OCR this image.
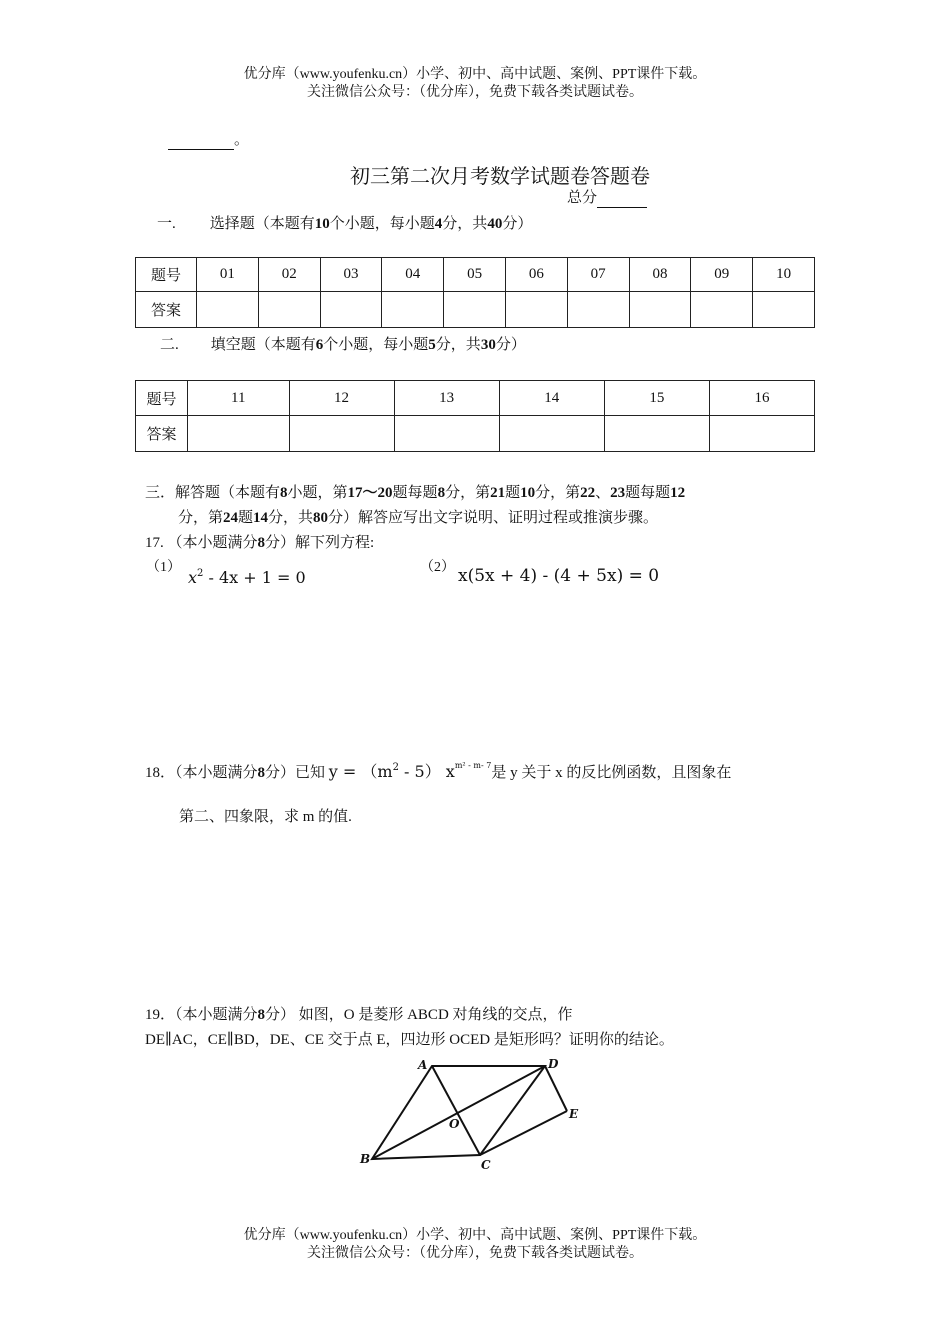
优分库（www.youfenku.cn）小学、初中、高中试题、案例、PPT课件下载。
关注微信公众号：（优分库），免费下载各类试题试卷。
。
初三第二次月考数学试题卷答题卷
总分
一. 选择题（本题有10个小题，每小题4分，共40分）
题号	01	02	03	04	05	06	07	08	09	10
答案										
二. 填空题（本题有6个小题，每小题5分，共30分）
题号	11	12	13	14	15	16
答案						
三．解答题（本题有8小题，第17～20题每题8分，第21题10分，第22、23题每题12
分，第24题14分，共80分）解答应写出文字说明、证明过程或推演步骤。
17. （本小题满分8分）解下列方程:
（1）
$x^2 - 4x + 1 = 0$
（2） x(5x + 4) - (4 + 5x) = 0
18．（本小题满分8分）已知 $y = (m^2 - 5)$ $x^{m^2 - m- 7}$是 y 关于 x 的反比例函数，且图象在
第二、四象限，求 m 的值.
19．（本小题满分8分） 如图，O 是菱形 ABCD 对角线的交点，作
DE∥AC，CE∥BD，DE、CE 交于点 E，四边形 OCED 是矩形吗？证明你的结论。
A	D
E
O
B	C
优分库（www.youfenku.cn）小学、初中、高中试题、案例、PPT课件下载。
关注微信公众号：（优分库），免费下载各类试题试卷。
